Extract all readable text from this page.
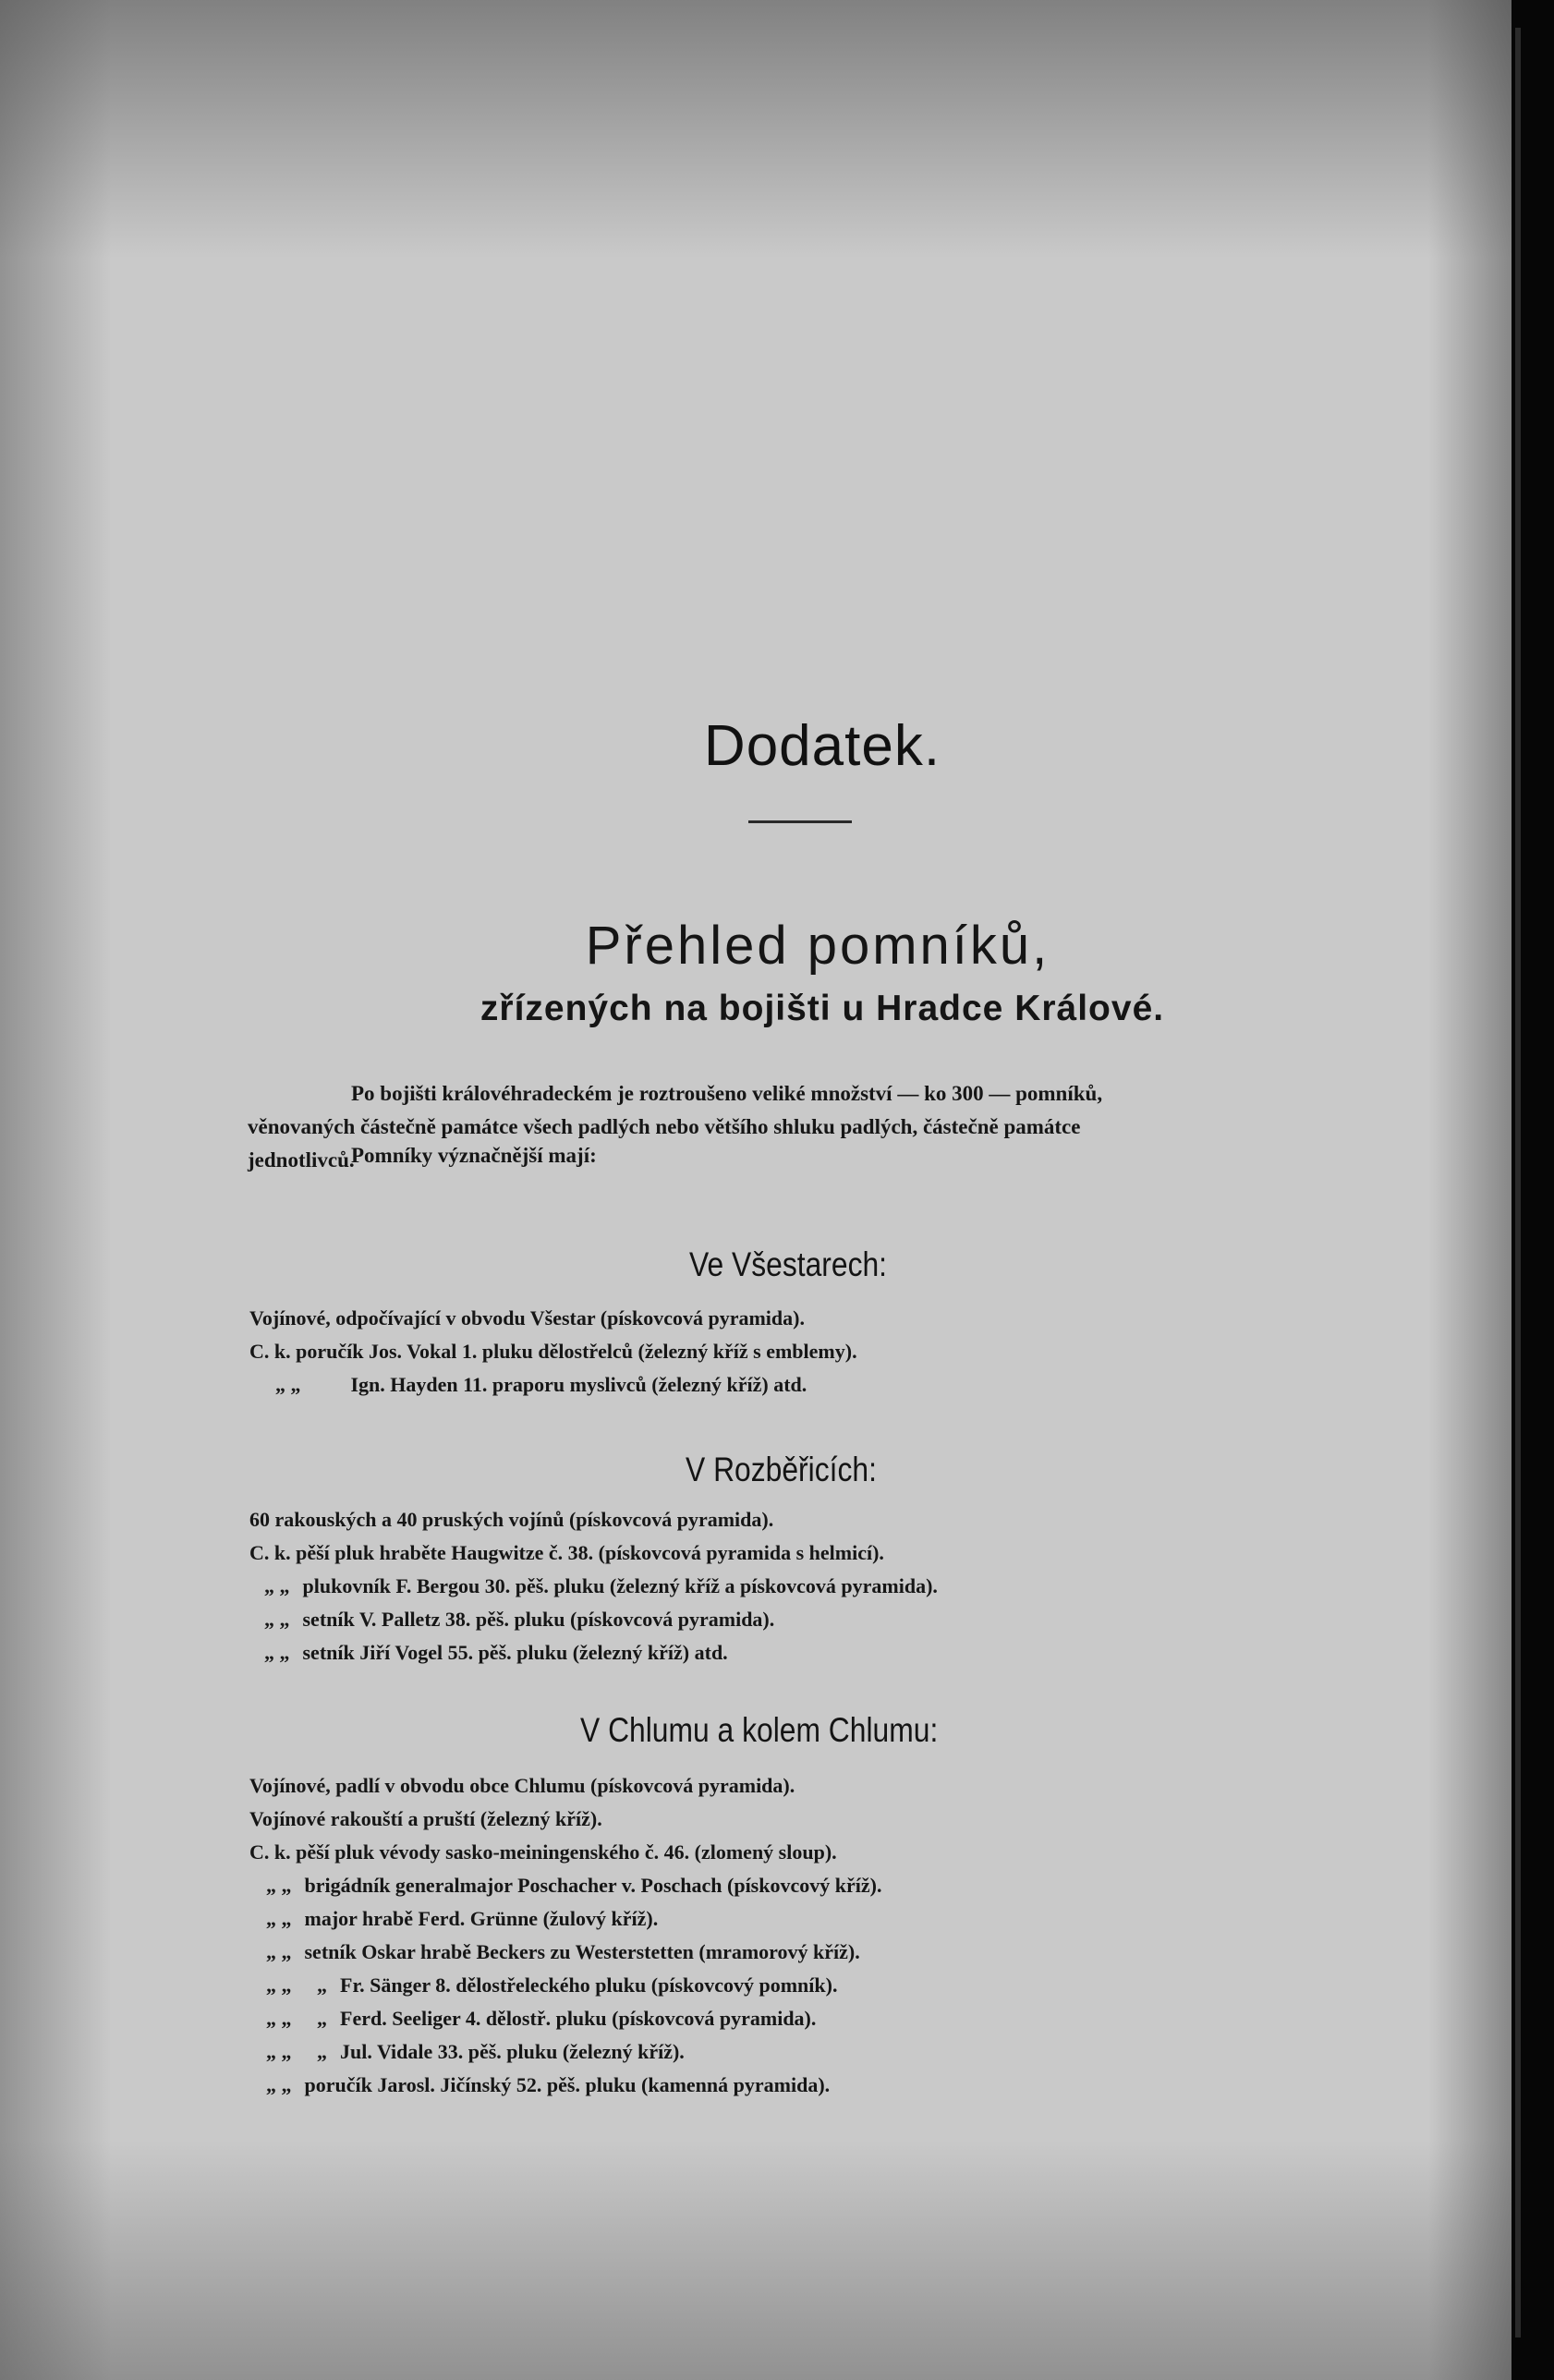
Dodatek.
Přehled pomníků,
zřízených na bojišti u Hradce Králové.

Po bojišti královéhradeckém je roztroušeno veliké množství — ko 300 — pomníků,
věnovaných částečně památce všech padlých nebo většího shluku padlých, částečně památce
jednotlivců.

Pomníky význačnější mají:

Ve Všestarech:

Vojínové, odpočívající v obvodu Všestar (pískovcová pyramida).

C. k. poručík Jos. Vokal 1. pluku dělostřelců (železný kříž s emblemy).

„ „ Ign. Hayden 11. praporu myslivců (železný kříž) atd.

V Rozběřicích:

60 rakouských a 40 pruských vojínů (pískovcová pyramida).

C. k. pěší pluk hraběte Haugwitze č. 38. (pískovcová pyramida s helmicí).

„ „ plukovník F. Bergou 30. pěš. pluku (železný kříž a pískovcová pyramida).

„ „ setník V. Palletz 38. pěš. pluku (pískovcová pyramida).

„ „ setník Jiří Vogel 55. pěš. pluku (železný kříž) atd.

V Chlumu a kolem Chlumu:

Vojínové, padlí v obvodu obce Chlumu (pískovcová pyramida).

Vojínové rakouští a pruští (železný kříž).

C. k. pěší pluk vévody sasko-meiningenského č. 46. (zlomený sloup).

„ „ brigádník generalmajor Poschacher v. Poschach (pískovcový kříž).

„ „ major hrabě Ferd. Grünne (žulový kříž).

„ „ setník Oskar hrabě Beckers zu Westerstetten (mramorový kříž).

„ „     „ Fr. Sänger 8. dělostřeleckého pluku (pískovcový pomník).

„ „     „ Ferd. Seeliger 4. dělostř. pluku (pískovcová pyramida).

„ „     „ Jul. Vidale 33. pěš. pluku (železný kříž).

„ „ poručík Jarosl. Jičínský 52. pěš. pluku (kamenná pyramida).
